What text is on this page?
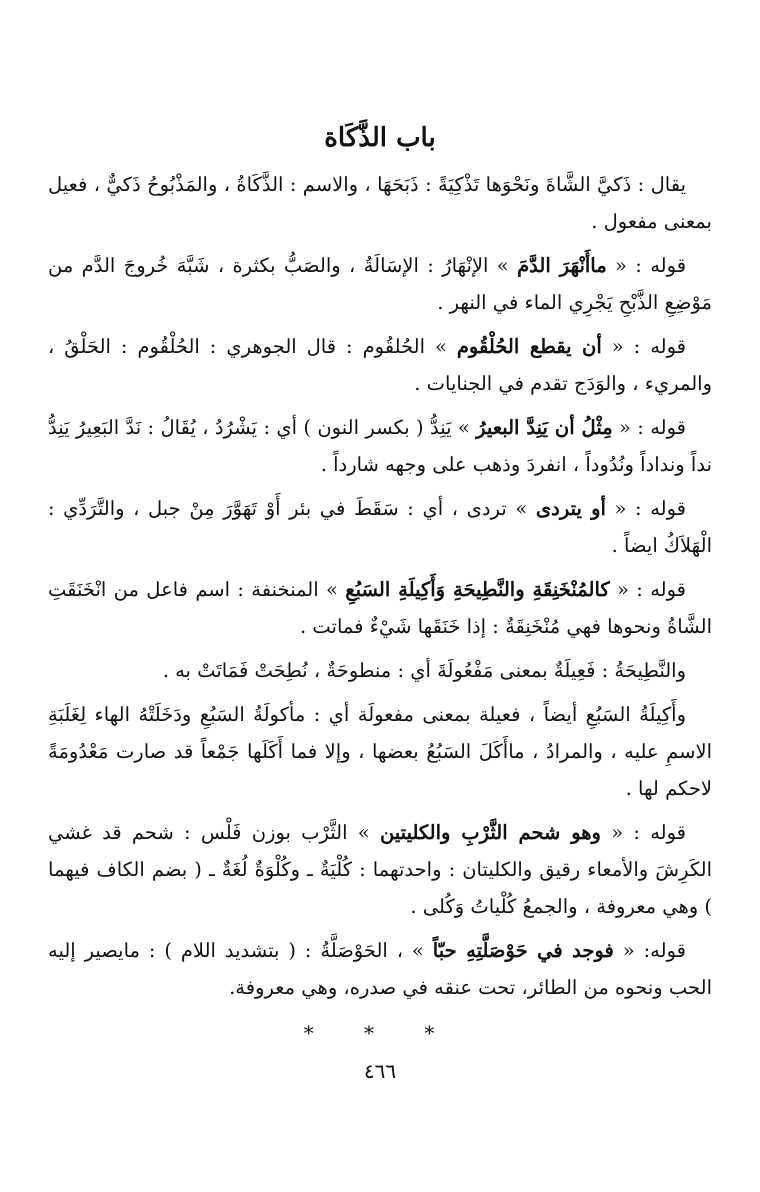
باب الذَّكَاة

يقال : ذَكيَّ الشَّاةَ ونَحْوَها تَذْكِيَةً : ذَبَحَهَا ، والاسم : الذَّكَاةُ ، والمَذْبُوحُ ذَكيٌّ ، فعيل بمعنى مفعول .

قوله : « ماأَنْهَرَ الدَّمَ » الإنْهَارُ : الإسَالَةُ ، والصَبُّ بكثرة ، شَبَّهَ خُروجَ الدَّم من مَوْضِعِ الذَّبْحِ يَجْرِي الماء في النهر .

قوله : « أن يقطع الحُلْقُوم » الحُلقُوم : قال الجوهري : الحُلْقُوم : الحَلْقُ ، والمريء ، والوَدَج تقدم في الجنايات .

قوله : « مِثْلُ أن يَنِدَّ البعيرُ » يَنِدُّ ( بكسر النون ) أي : يَشْرُدُ ، يُقَالُ : نَدَّ البَعِيرُ يَنِدُّ نداً ونداداً ونُدُوداً ، انفردَ وذهب على وجهه شارداً .

قوله : « أو يتردى » تردى ، أي : سَقَطَ في بئر أَوْ تَهَوَّرَ مِنْ جبل ، والتَّرَدِّي : الْهَلاَكُ ايضاً .

قوله : « كالمُنْخَنِقَةِ والنَّطِيحَةِ وَأَكِيلَةِ السَبُعِ » المنخنفة : اسم فاعل من انْخَنَقَتِ الشَّاةُ ونحوها فهي مُنْخَنِقَةٌ : إذا خَنَقَها شَيْءٌ فماتت .

والنَّطِيحَةُ : فَعِيلَةٌ بمعنى مَفْعُولَةَ أي : منطوحَةٌ ، نُطِحَتْ فَمَاتَتْ به .

وأَكِيلَةُ السَبُعِ أيضاً ، فعيلة بمعنى مفعولَة أي : مأكولَةُ السَبُعِ ودَخَلَتْهُ الهاء لِغَلَبَةِ الاسمِ عليه ، والمرادُ ، ماأَكَلَ السَبُعُ بعضها ، وإلا فما أَكَلَها جَمْعاً قد صارت مَعْدُومَةً لاحكم لها .

قوله : « وهو شحم الثَّرْبِ والكليتين » الثَّرْب بوزن فَلْس : شحم قد غشي الكَرِشَ والأمعاء رقيق والكليتان : واحدتهما : كُلْيَةٌ ـ وكُلْوَةٌ لُغَةٌ ـ ( بضم الكاف فيهما ) وهي معروفة ، والجمعُ كُلْياتُ وَكُلى .

قوله: « فوجد في حَوْصَلَّتِهِ حبّاً » ، الحَوْصَلَّةُ : ( بتشديد اللام ) : مايصير إليه الحب ونحوه من الطائر، تحت عنقه في صدره، وهي معروفة.

* * *
٤٦٦
